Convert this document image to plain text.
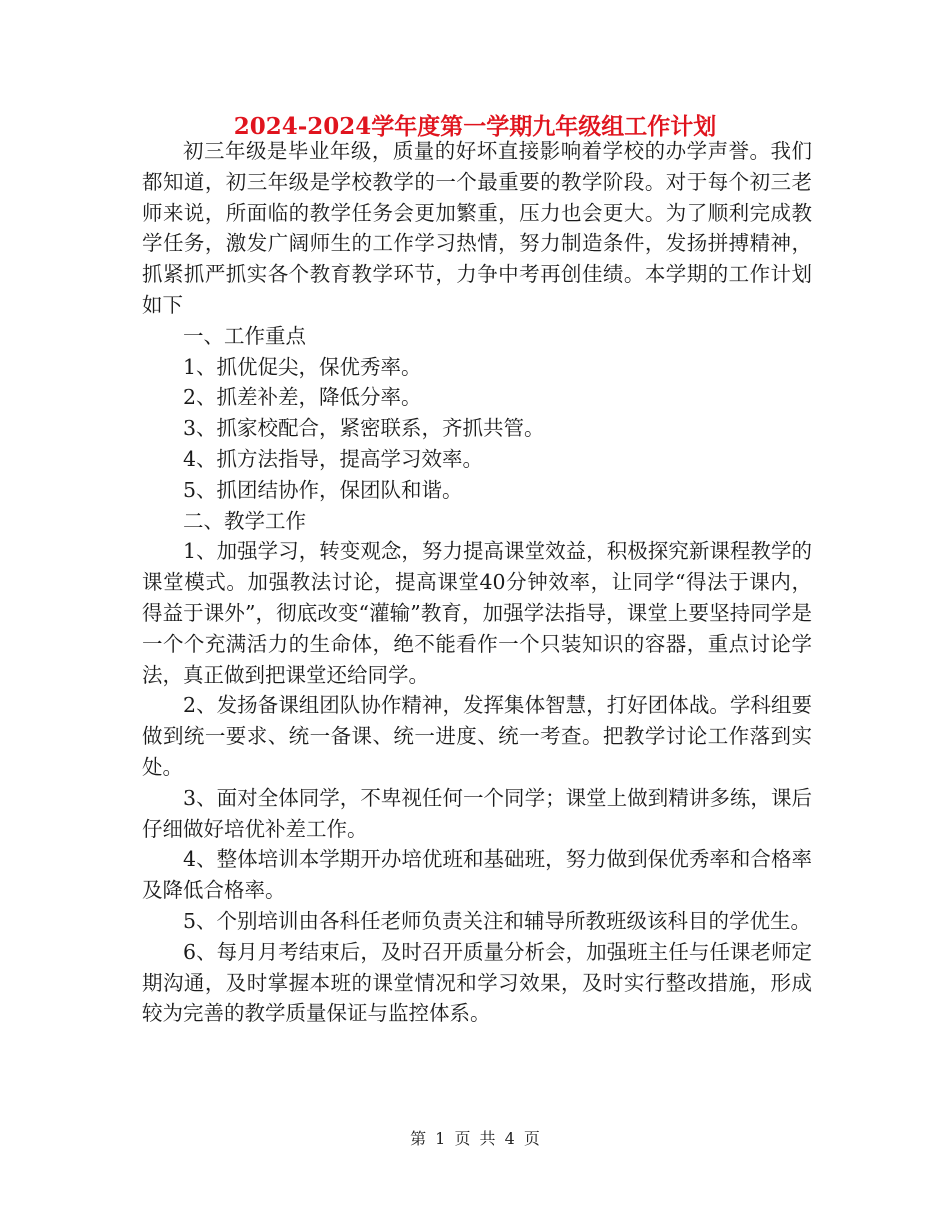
2024-2024学年度第一学期九年级组工作计划

初三年级是毕业年级，质量的好坏直接影响着学校的办学声誉。我们都知道，初三年级是学校教学的一个最重要的教学阶段。对于每个初三老师来说，所面临的教学任务会更加繁重，压力也会更大。为了顺利完成教学任务，激发广阔师生的工作学习热情，努力制造条件，发扬拼搏精神，抓紧抓严抓实各个教育教学环节，力争中考再创佳绩。本学期的工作计划如下

一、工作重点

1、抓优促尖，保优秀率。

2、抓差补差，降低分率。

3、抓家校配合，紧密联系，齐抓共管。

4、抓方法指导，提高学习效率。

5、抓团结协作，保团队和谐。

二、教学工作

1、加强学习，转变观念，努力提高课堂效益，积极探究新课程教学的课堂模式。加强教法讨论，提高课堂40分钟效率，让同学“得法于课内，得益于课外”，彻底改变“灌输”教育，加强学法指导，课堂上要坚持同学是一个个充满活力的生命体，绝不能看作一个只装知识的容器，重点讨论学法，真正做到把课堂还给同学。

2、发扬备课组团队协作精神，发挥集体智慧，打好团体战。学科组要做到统一要求、统一备课、统一进度、统一考查。把教学讨论工作落到实处。

3、面对全体同学，不卑视任何一个同学；课堂上做到精讲多练，课后仔细做好培优补差工作。

4、整体培训本学期开办培优班和基础班，努力做到保优秀率和合格率及降低合格率。

5、个别培训由各科任老师负责关注和辅导所教班级该科目的学优生。

6、每月月考结束后，及时召开质量分析会，加强班主任与任课老师定期沟通，及时掌握本班的课堂情况和学习效果，及时实行整改措施，形成较为完善的教学质量保证与监控体系。

第 1 页 共 4 页
